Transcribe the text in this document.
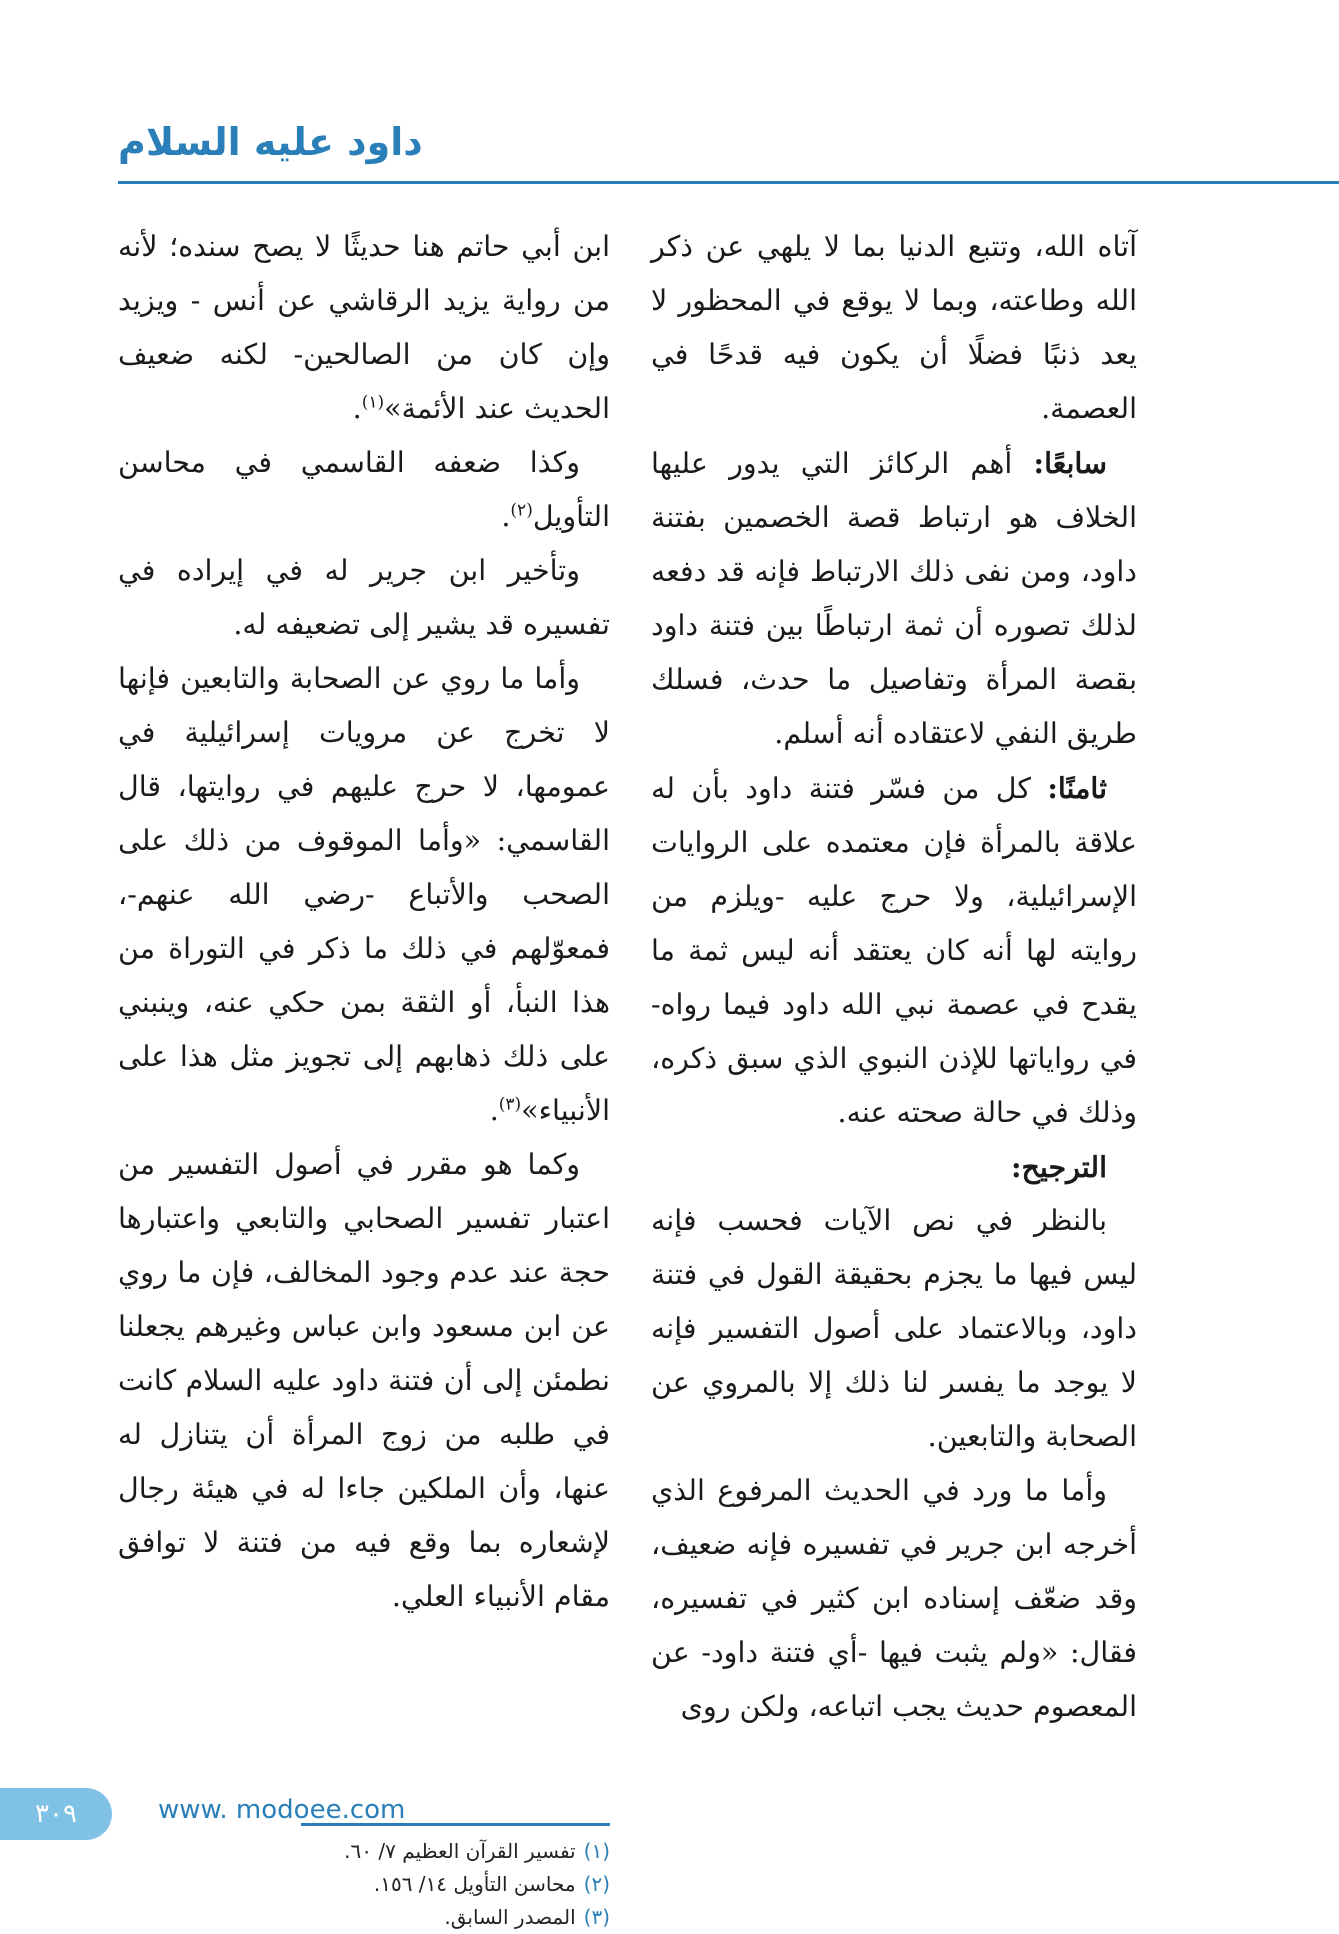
داود عليه السلام

آتاه الله، وتتبع الدنيا بما لا يلهي عن ذكر الله وطاعته، وبما لا يوقع في المحظور لا يعد ذنبًا فضلًا أن يكون فيه قدحًا في العصمة.

سابعًا: أهم الركائز التي يدور عليها الخلاف هو ارتباط قصة الخصمين بفتنة داود، ومن نفى ذلك الارتباط فإنه قد دفعه لذلك تصوره أن ثمة ارتباطًا بين فتنة داود بقصة المرأة وتفاصيل ما حدث، فسلك طريق النفي لاعتقاده أنه أسلم.

ثامنًا: كل من فسّر فتنة داود بأن له علاقة بالمرأة فإن معتمده على الروايات الإسرائيلية، ولا حرج عليه -ويلزم من روايته لها أنه كان يعتقد أنه ليس ثمة ما يقدح في عصمة نبي الله داود فيما رواه- في رواياتها للإذن النبوي الذي سبق ذكره، وذلك في حالة صحته عنه.

الترجيح:

بالنظر في نص الآيات فحسب فإنه ليس فيها ما يجزم بحقيقة القول في فتنة داود، وبالاعتماد على أصول التفسير فإنه لا يوجد ما يفسر لنا ذلك إلا بالمروي عن الصحابة والتابعين.

وأما ما ورد في الحديث المرفوع الذي أخرجه ابن جرير في تفسيره فإنه ضعيف، وقد ضعّف إسناده ابن كثير في تفسيره، فقال: «ولم يثبت فيها -أي فتنة داود- عن المعصوم حديث يجب اتباعه، ولكن روى

ابن أبي حاتم هنا حديثًا لا يصح سنده؛ لأنه من رواية يزيد الرقاشي عن أنس - ويزيد وإن كان من الصالحين- لكنه ضعيف الحديث عند الأئمة»$^{(١)}$.

وكذا ضعفه القاسمي في محاسن التأويل$^{(٢)}$.

وتأخير ابن جرير له في إيراده في تفسيره قد يشير إلى تضعيفه له.

وأما ما روي عن الصحابة والتابعين فإنها لا تخرج عن مرويات إسرائيلية في عمومها، لا حرج عليهم في روايتها، قال القاسمي: «وأما الموقوف من ذلك على الصحب والأتباع -رضي الله عنهم-، فمعوّلهم في ذلك ما ذكر في التوراة من هذا النبأ، أو الثقة بمن حكي عنه، وينبني على ذلك ذهابهم إلى تجويز مثل هذا على الأنبياء»$^{(٣)}$.

وكما هو مقرر في أصول التفسير من اعتبار تفسير الصحابي والتابعي واعتبارها حجة عند عدم وجود المخالف، فإن ما روي عن ابن مسعود وابن عباس وغيرهم يجعلنا نطمئن إلى أن فتنة داود عليه السلام كانت في طلبه من زوج المرأة أن يتنازل له عنها، وأن الملكين جاءا له في هيئة رجال لإشعاره بما وقع فيه من فتنة لا توافق مقام الأنبياء العلي.

(١)تفسير القرآن العظيم ٧/ ٦٠.
(٢)محاسن التأويل ١٤/ ١٥٦.
(٣)المصدر السابق.
٣٠٩	www. modoee.com
